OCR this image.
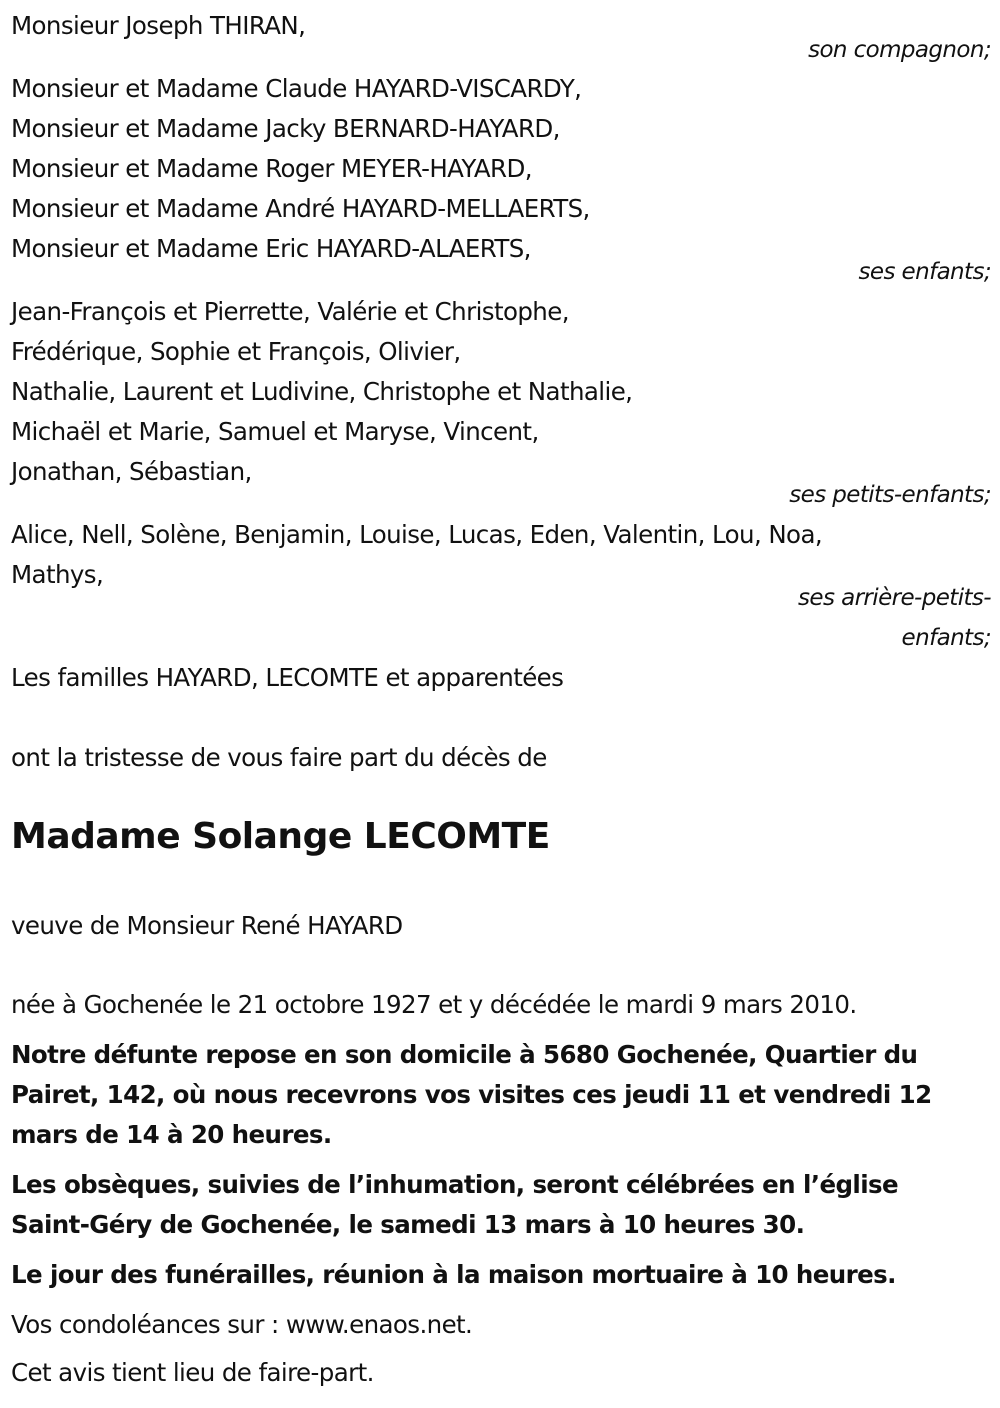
Monsieur Joseph THIRAN,
son compagnon;
Monsieur et Madame Claude HAYARD-VISCARDY,
Monsieur et Madame Jacky BERNARD-HAYARD,
Monsieur et Madame Roger MEYER-HAYARD,
Monsieur et Madame André HAYARD-MELLAERTS,
Monsieur et Madame Eric HAYARD-ALAERTS,
ses enfants;
Jean-François et Pierrette, Valérie et Christophe,
Frédérique, Sophie et François, Olivier,
Nathalie, Laurent et Ludivine, Christophe et Nathalie,
Michaël et Marie, Samuel et Maryse, Vincent,
Jonathan, Sébastian,
ses petits-enfants;
Alice, Nell, Solène, Benjamin, Louise, Lucas, Eden, Valentin, Lou, Noa,
Mathys,
ses arrière-petits-
enfants;
Les familles HAYARD, LECOMTE et apparentées
ont la tristesse de vous faire part du décès de
Madame Solange LECOMTE
veuve de Monsieur René HAYARD
née à Gochenée le 21 octobre 1927 et y décédée le mardi 9 mars 2010.
Notre défunte repose en son domicile à 5680 Gochenée, Quartier du
Pairet, 142, où nous recevrons vos visites ces jeudi 11 et vendredi 12
mars de 14 à 20 heures.
Les obsèques, suivies de l’inhumation, seront célébrées en l’église
Saint-Géry de Gochenée, le samedi 13 mars à 10 heures 30.
Le jour des funérailles, réunion à la maison mortuaire à 10 heures.
Vos condoléances sur : www.enaos.net.
Cet avis tient lieu de faire-part.
